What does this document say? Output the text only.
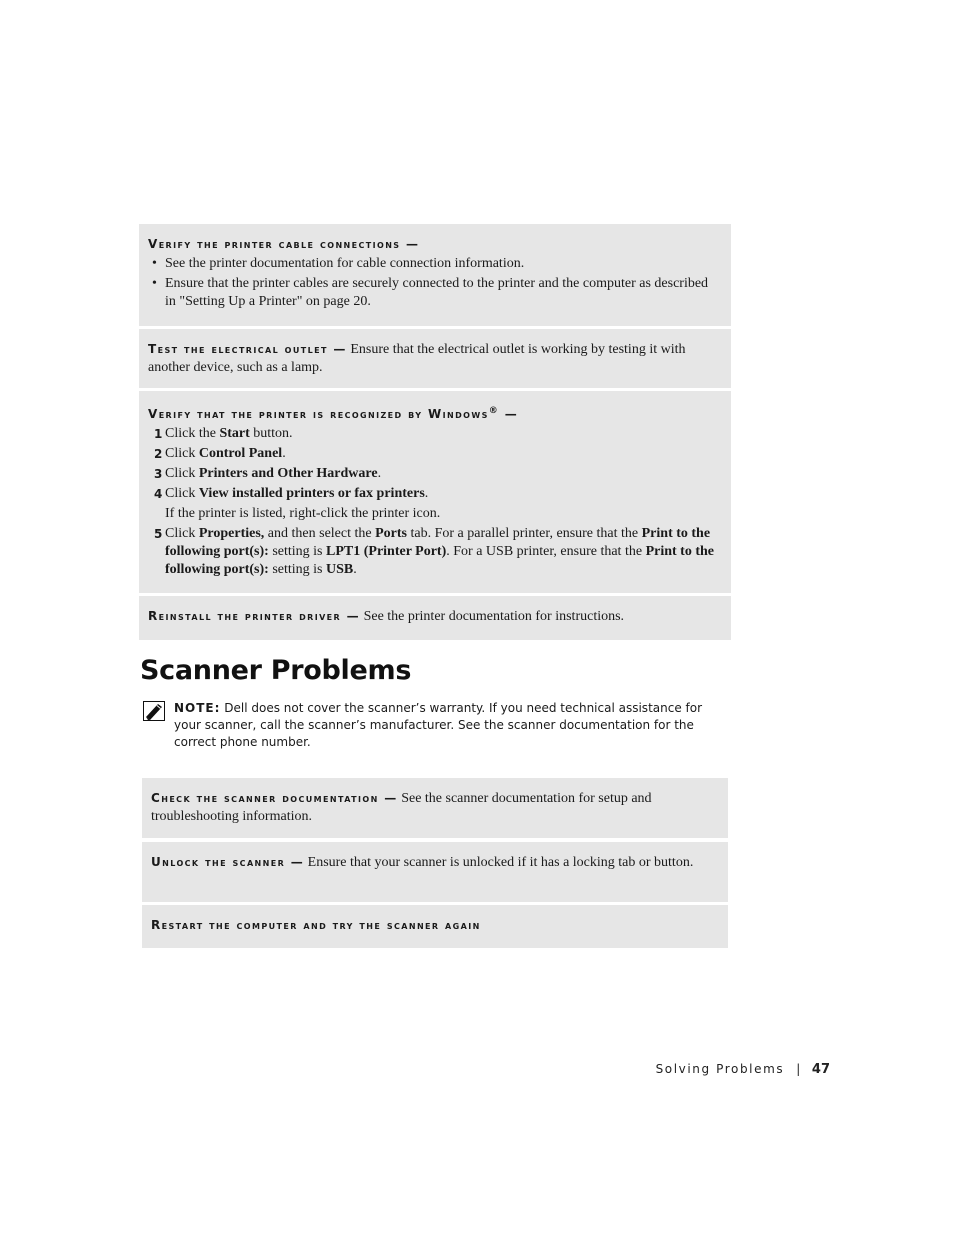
Verify the printer cable connections —
• See the printer documentation for cable connection information.
• Ensure that the printer cables are securely connected to the printer and the computer as described in "Setting Up a Printer" on page 20.
Test the electrical outlet — Ensure that the electrical outlet is working by testing it with another device, such as a lamp.
Verify that the printer is recognized by Windows® —
1 Click the Start button.
2 Click Control Panel.
3 Click Printers and Other Hardware.
4 Click View installed printers or fax printers.
If the printer is listed, right-click the printer icon.
5 Click Properties, and then select the Ports tab. For a parallel printer, ensure that the Print to the following port(s): setting is LPT1 (Printer Port). For a USB printer, ensure that the Print to the following port(s): setting is USB.
Reinstall the printer driver — See the printer documentation for instructions.
Scanner Problems
NOTE: Dell does not cover the scanner’s warranty. If you need technical assistance for your scanner, call the scanner’s manufacturer. See the scanner documentation for the correct phone number.
Check the scanner documentation — See the scanner documentation for setup and troubleshooting information.
Unlock the scanner — Ensure that your scanner is unlocked if it has a locking tab or button.
Restart the computer and try the scanner again
Solving Problems | 47
